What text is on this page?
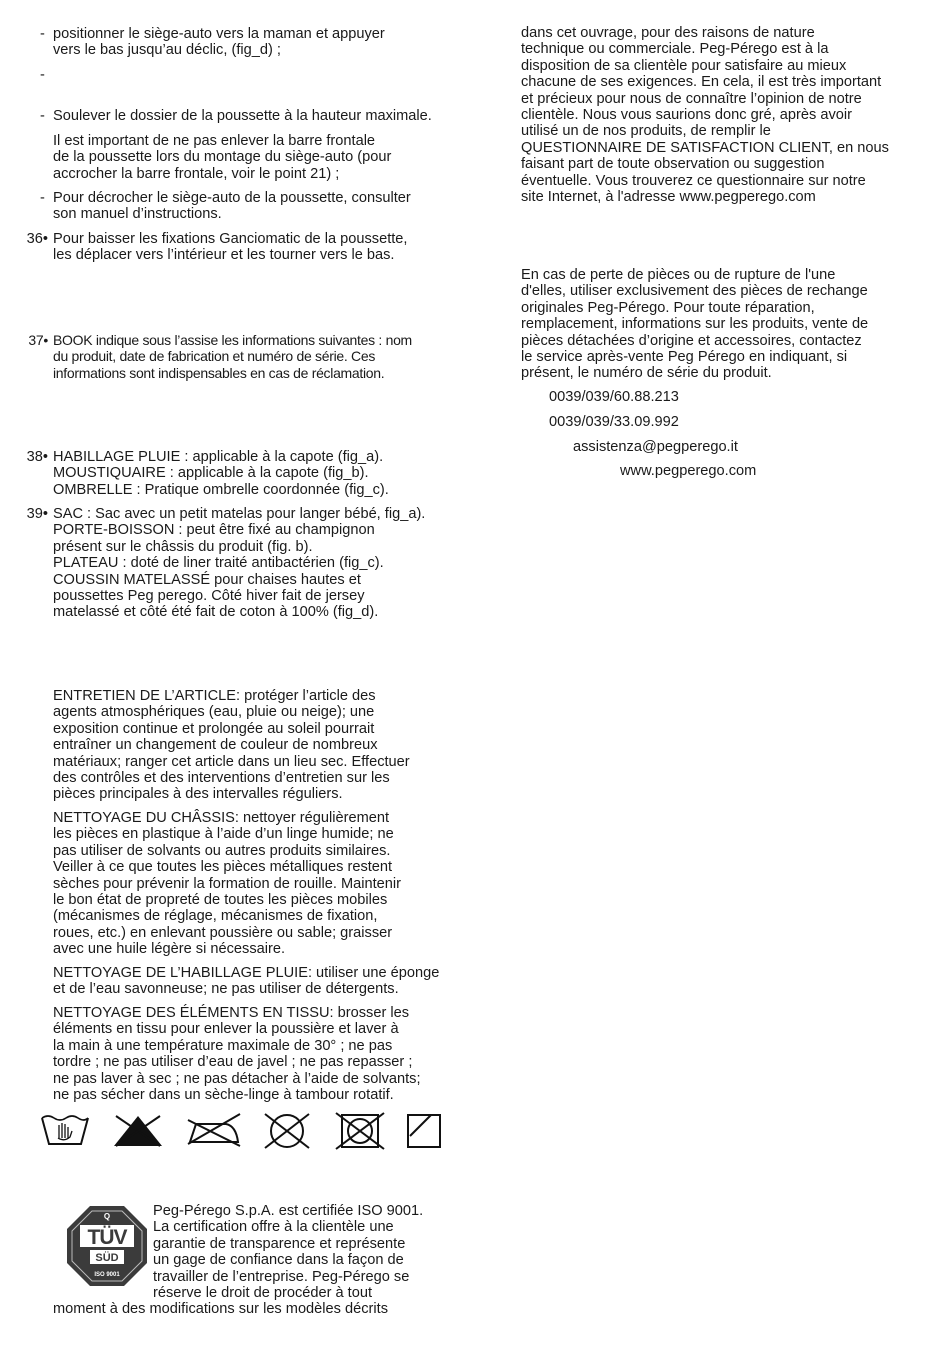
- positionner le siège-auto vers la maman et appuyer
vers le bas jusqu’au déclic, (fig_d) ;
-
- Soulever le dossier de la poussette à la hauteur maximale.
Il est important de ne pas enlever la barre frontale
de la poussette lors du montage du siège-auto (pour
accrocher la barre frontale, voir le point 21) ;
- Pour décrocher le siège-auto de la poussette, consulter
son manuel d’instructions.
36• Pour baisser les fixations Ganciomatic de la poussette,
les déplacer vers l’intérieur et les tourner vers le bas.
37• BOOK indique sous l’assise les informations suivantes : nom
du produit, date de fabrication et numéro de série. Ces
informations sont indispensables en cas de réclamation.
38• HABILLAGE PLUIE : applicable à la capote (fig_a).
MOUSTIQUAIRE : applicable à la capote (fig_b).
OMBRELLE : Pratique ombrelle coordonnée (fig_c).
39• SAC : Sac avec un petit matelas pour langer bébé, fig_a).
PORTE-BOISSON : peut être fixé au champignon
présent sur le châssis du produit (fig. b).
PLATEAU : doté de liner traité antibactérien (fig_c).
COUSSIN MATELASSÉ pour chaises hautes et
poussettes Peg perego. Côté hiver fait de jersey
matelassé et côté été fait de coton à 100% (fig_d).
ENTRETIEN DE L’ARTICLE: protéger l’article des
agents atmosphériques (eau, pluie ou neige); une
exposition continue et prolongée au soleil pourrait
entraîner un changement de couleur de nombreux
matériaux; ranger cet article dans un lieu sec. Effectuer
des contrôles et des interventions d’entretien sur les
pièces principales à des intervalles réguliers.
NETTOYAGE DU CHÂSSIS: nettoyer régulièrement
les pièces en plastique à l’aide d’un linge humide; ne
pas utiliser de solvants ou autres produits similaires.
Veiller à ce que toutes les pièces métalliques restent
sèches pour prévenir la formation de rouille. Maintenir
le bon état de propreté de toutes les pièces mobiles
(mécanismes de réglage, mécanismes de fixation,
roues, etc.) en enlevant poussière ou sable; graisser
avec une huile légère si nécessaire.
NETTOYAGE DE L’HABILLAGE PLUIE: utiliser une éponge
et de l’eau savonneuse; ne pas utiliser de détergents.
NETTOYAGE DES ÉLÉMENTS EN TISSU: brosser les
éléments en tissu pour enlever la poussière et laver à
la main à une température maximale de 30° ; ne pas
tordre ; ne pas utiliser d’eau de javel ; ne pas repasser ;
ne pas laver à sec ; ne pas détacher à l’aide de solvants;
ne pas sécher dans un sèche-linge à tambour rotatif.
Q
TÜV
SÜD
ISO 9001
Peg-Pérego S.p.A. est certifiée ISO 9001.
La certification offre à la clientèle une
garantie de transparence et représente
un gage de confiance dans la façon de
travailler de l’entreprise. Peg-Pérego se
réserve le droit de procéder à tout
moment à des modifications sur les modèles décrits
dans cet ouvrage, pour des raisons de nature
technique ou commerciale. Peg-Pérego est à la
disposition de sa clientèle pour satisfaire au mieux
chacune de ses exigences. En cela, il est très important
et précieux pour nous de connaître l’opinion de notre
clientèle. Nous vous saurions donc gré, après avoir
utilisé un de nos produits, de remplir le
QUESTIONNAIRE DE SATISFACTION CLIENT, en nous
faisant part de toute observation ou suggestion
éventuelle. Vous trouverez ce questionnaire sur notre
site Internet, à l'adresse www.pegperego.com
En cas de perte de pièces ou de rupture de l'une
d'elles, utiliser exclusivement des pièces de rechange
originales Peg-Pérego. Pour toute réparation,
remplacement, informations sur les produits, vente de
pièces détachées d’origine et accessoires, contactez
le service après-vente Peg Pérego en indiquant, si
présent, le numéro de série du produit.
0039/039/60.88.213
0039/039/33.09.992
assistenza@pegperego.it
www.pegperego.com
